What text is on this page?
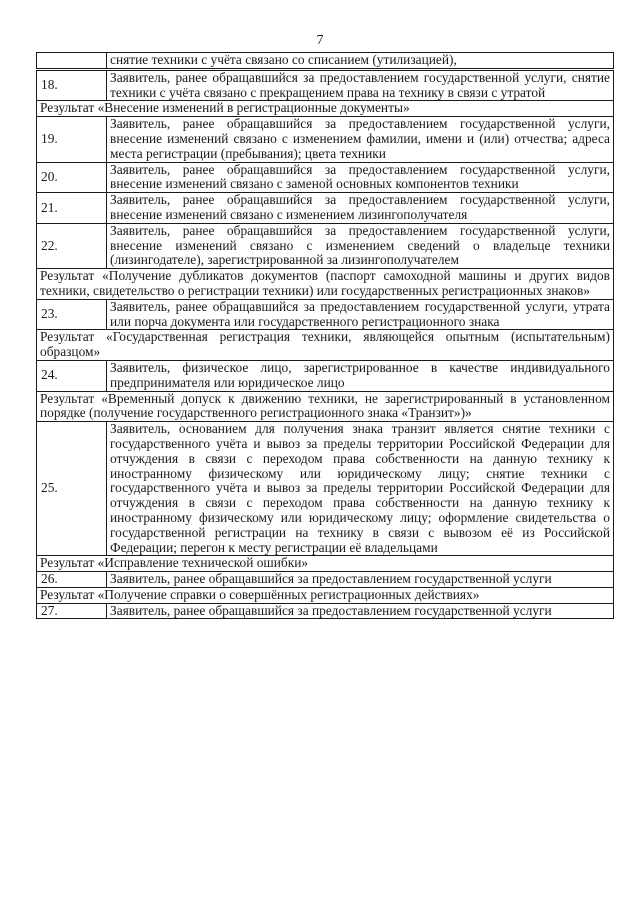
7
	снятие техники с учёта связано со списанием (утилизацией),
18.	Заявитель, ранее обращавшийся за предоставлением государственной услуги, снятие техники с учёта связано с прекращением права на технику в связи с утратой
Результат «Внесение изменений в регистрационные документы»	
19.	Заявитель, ранее обращавшийся за предоставлением государственной услуги, внесение изменений связано с изменением фамилии, имени и (или) отчества; адреса места регистрации (пребывания); цвета техники
20.	Заявитель, ранее обращавшийся за предоставлением государственной услуги, внесение изменений связано с заменой основных компонентов техники
21.	Заявитель, ранее обращавшийся за предоставлением государственной услуги, внесение изменений связано с изменением лизингополучателя
22.	Заявитель, ранее обращавшийся за предоставлением государственной услуги, внесение изменений связано с изменением сведений о владельце техники (лизингодателе), зарегистрированной за лизингополучателем
Результат «Получение дубликатов документов (паспорт самоходной машины и других видов техники, свидетельство о регистрации техники) или государственных регистрационных знаков»	
23.	Заявитель, ранее обращавшийся за предоставлением государственной услуги, утрата или порча документа или государственного регистрационного знака
Результат «Государственная регистрация техники, являющейся опытным (испытательным) образцом»	
24.	Заявитель, физическое лицо, зарегистрированное в качестве индивидуального предпринимателя или юридическое лицо
Результат «Временный допуск к движению техники, не зарегистрированный в установленном порядке (получение государственного регистрационного знака «Транзит»)»	
25.	Заявитель, основанием для получения знака транзит является снятие техники с государственного учёта и вывоз за пределы территории Российской Федерации для отчуждения в связи с переходом права собственности на данную технику к иностранному физическому или юридическому лицу; снятие техники с государственного учёта и вывоз за пределы территории Российской Федерации для отчуждения в связи с переходом права собственности на данную технику к иностранному физическому или юридическому лицу; оформление свидетельства о государственной регистрации на технику в связи с вывозом её из Российской Федерации; перегон к месту регистрации её владельцами
Результат «Исправление технической ошибки»	
26.	Заявитель, ранее обращавшийся за предоставлением государственной услуги
Результат «Получение справки о совершённых регистрационных действиях»	
27.	Заявитель, ранее обращавшийся за предоставлением государственной услуги
